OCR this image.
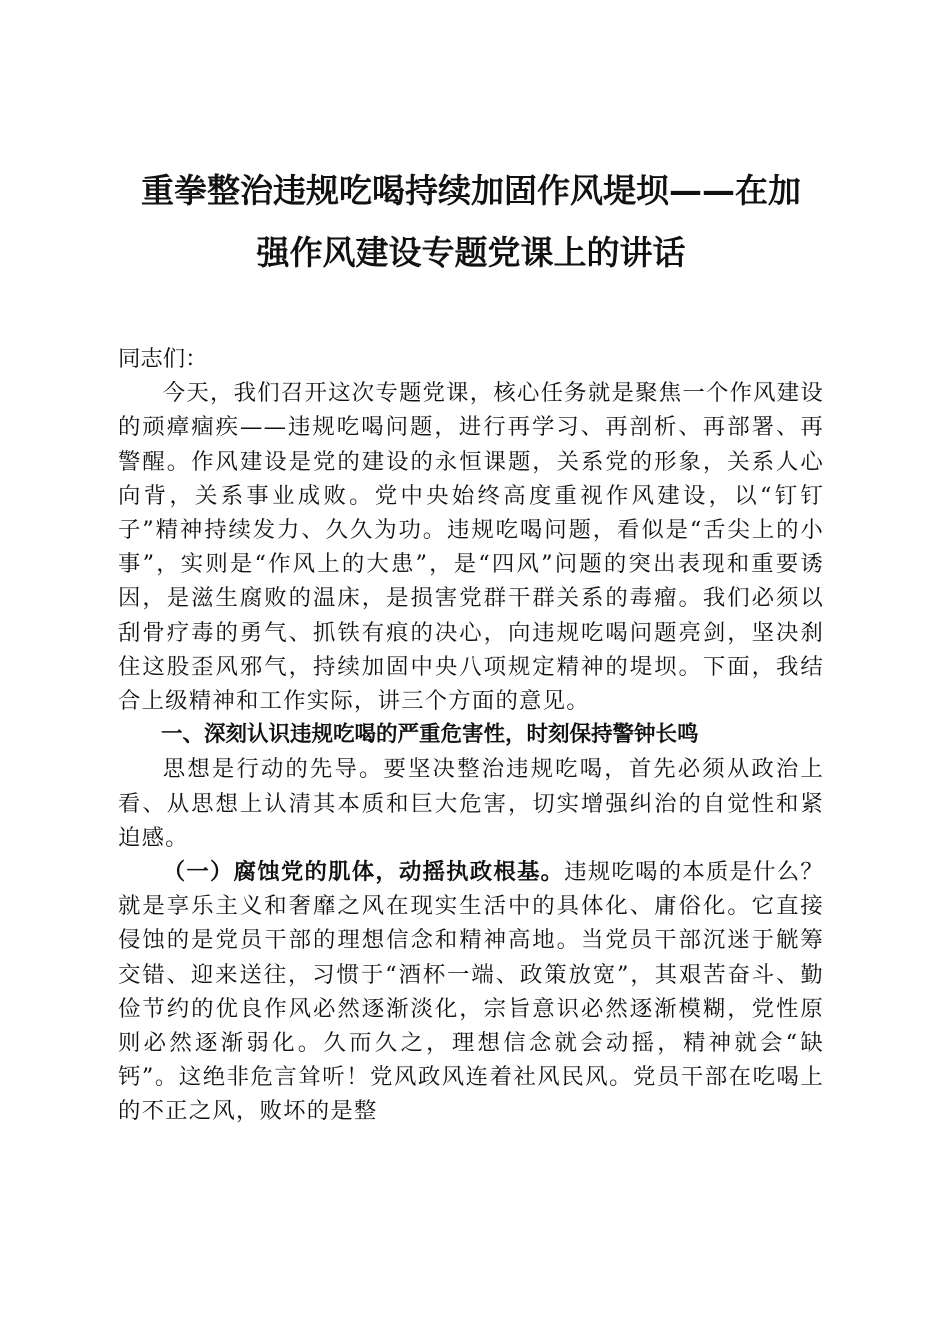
重拳整治违规吃喝持续加固作风堤坝——在加
强作风建设专题党课上的讲话

同志们：

今天，我们召开这次专题党课，核心任务就是聚焦一个作风建设的顽瘴痼疾——违规吃喝问题，进行再学习、再剖析、再部署、再警醒。作风建设是党的建设的永恒课题，关系党的形象，关系人心向背，关系事业成败。党中央始终高度重视作风建设，以“钉钉子”精神持续发力、久久为功。违规吃喝问题，看似是“舌尖上的小事”，实则是“作风上的大患”，是“四风”问题的突出表现和重要诱因，是滋生腐败的温床，是损害党群干群关系的毒瘤。我们必须以刮骨疗毒的勇气、抓铁有痕的决心，向违规吃喝问题亮剑，坚决刹住这股歪风邪气，持续加固中央八项规定精神的堤坝。下面，我结合上级精神和工作实际，讲三个方面的意见。

一、深刻认识违规吃喝的严重危害性，时刻保持警钟长鸣

思想是行动的先导。要坚决整治违规吃喝，首先必须从政治上看、从思想上认清其本质和巨大危害，切实增强纠治的自觉性和紧迫感。

（一）腐蚀党的肌体，动摇执政根基。违规吃喝的本质是什么？就是享乐主义和奢靡之风在现实生活中的具体化、庸俗化。它直接侵蚀的是党员干部的理想信念和精神高地。当党员干部沉迷于觥筹交错、迎来送往，习惯于“酒杯一端、政策放宽”，其艰苦奋斗、勤俭节约的优良作风必然逐渐淡化，宗旨意识必然逐渐模糊，党性原则必然逐渐弱化。久而久之，理想信念就会动摇，精神就会“缺钙”。这绝非危言耸听！党风政风连着社风民风。党员干部在吃喝上的不正之风，败坏的是整
